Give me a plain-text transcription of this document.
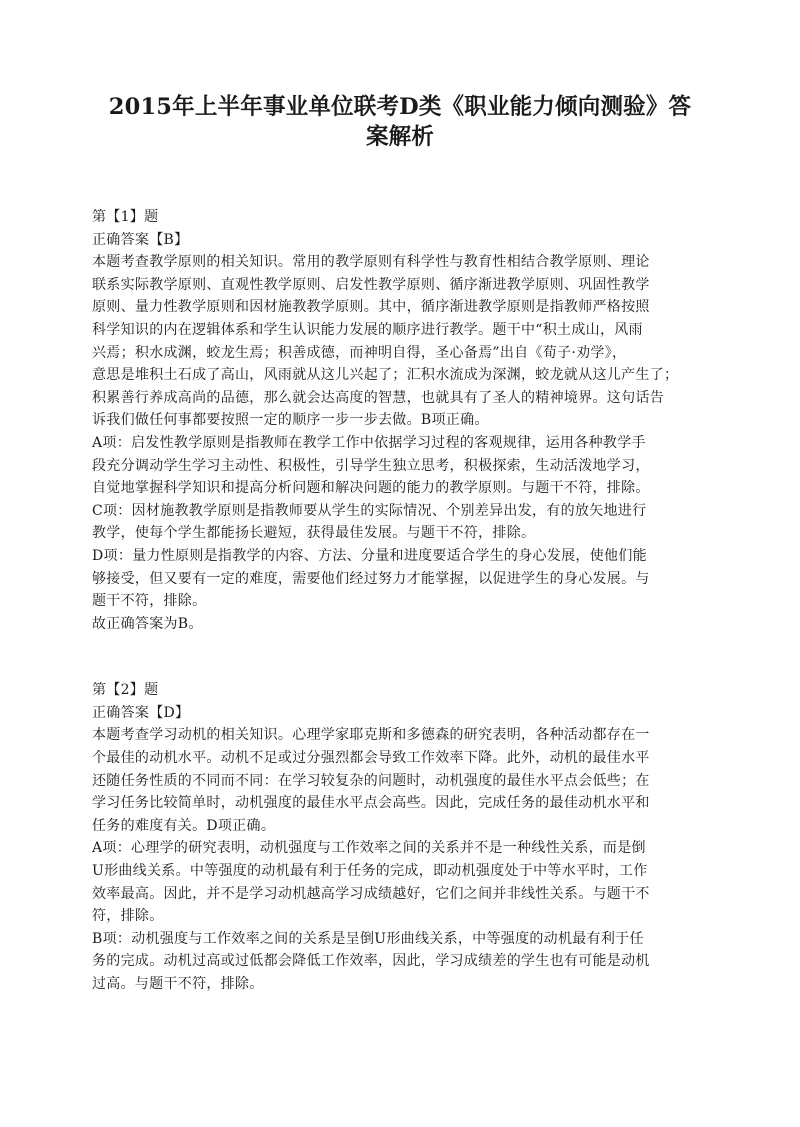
2015年上半年事业单位联考D类《职业能力倾向测验》答
案解析
第【1】题
正确答案【B】
本题考查教学原则的相关知识。常用的教学原则有科学性与教育性相结合教学原则、理论
联系实际教学原则、直观性教学原则、启发性教学原则、循序渐进教学原则、巩固性教学
原则、量力性教学原则和因材施教教学原则。其中，循序渐进教学原则是指教师严格按照
科学知识的内在逻辑体系和学生认识能力发展的顺序进行教学。题干中“积土成山，风雨
兴焉；积水成渊，蛟龙生焉；积善成德，而神明自得，圣心备焉”出自《荀子·劝学》，
意思是堆积土石成了高山，风雨就从这儿兴起了；汇积水流成为深渊，蛟龙就从这儿产生了；
积累善行养成高尚的品德，那么就会达高度的智慧，也就具有了圣人的精神境界。这句话告
诉我们做任何事都要按照一定的顺序一步一步去做。B项正确。
A项：启发性教学原则是指教师在教学工作中依据学习过程的客观规律，运用各种教学手
段充分调动学生学习主动性、积极性，引导学生独立思考，积极探索，生动活泼地学习，
自觉地掌握科学知识和提高分析问题和解决问题的能力的教学原则。与题干不符，排除。
C项：因材施教教学原则是指教师要从学生的实际情况、个别差异出发，有的放矢地进行
教学，使每个学生都能扬长避短，获得最佳发展。与题干不符，排除。
D项：量力性原则是指教学的内容、方法、分量和进度要适合学生的身心发展，使他们能
够接受，但又要有一定的难度，需要他们经过努力才能掌握，以促进学生的身心发展。与
题干不符，排除。
故正确答案为B。
第【2】题
正确答案【D】
本题考查学习动机的相关知识。心理学家耶克斯和多德森的研究表明，各种活动都存在一
个最佳的动机水平。动机不足或过分强烈都会导致工作效率下降。此外，动机的最佳水平
还随任务性质的不同而不同：在学习较复杂的问题时，动机强度的最佳水平点会低些；在
学习任务比较简单时，动机强度的最佳水平点会高些。因此，完成任务的最佳动机水平和
任务的难度有关。D项正确。
A项：心理学的研究表明，动机强度与工作效率之间的关系并不是一种线性关系，而是倒
U形曲线关系。中等强度的动机最有利于任务的完成，即动机强度处于中等水平时，工作
效率最高。因此，并不是学习动机越高学习成绩越好，它们之间并非线性关系。与题干不
符，排除。
B项：动机强度与工作效率之间的关系是呈倒U形曲线关系，中等强度的动机最有利于任
务的完成。动机过高或过低都会降低工作效率，因此，学习成绩差的学生也有可能是动机
过高。与题干不符，排除。
